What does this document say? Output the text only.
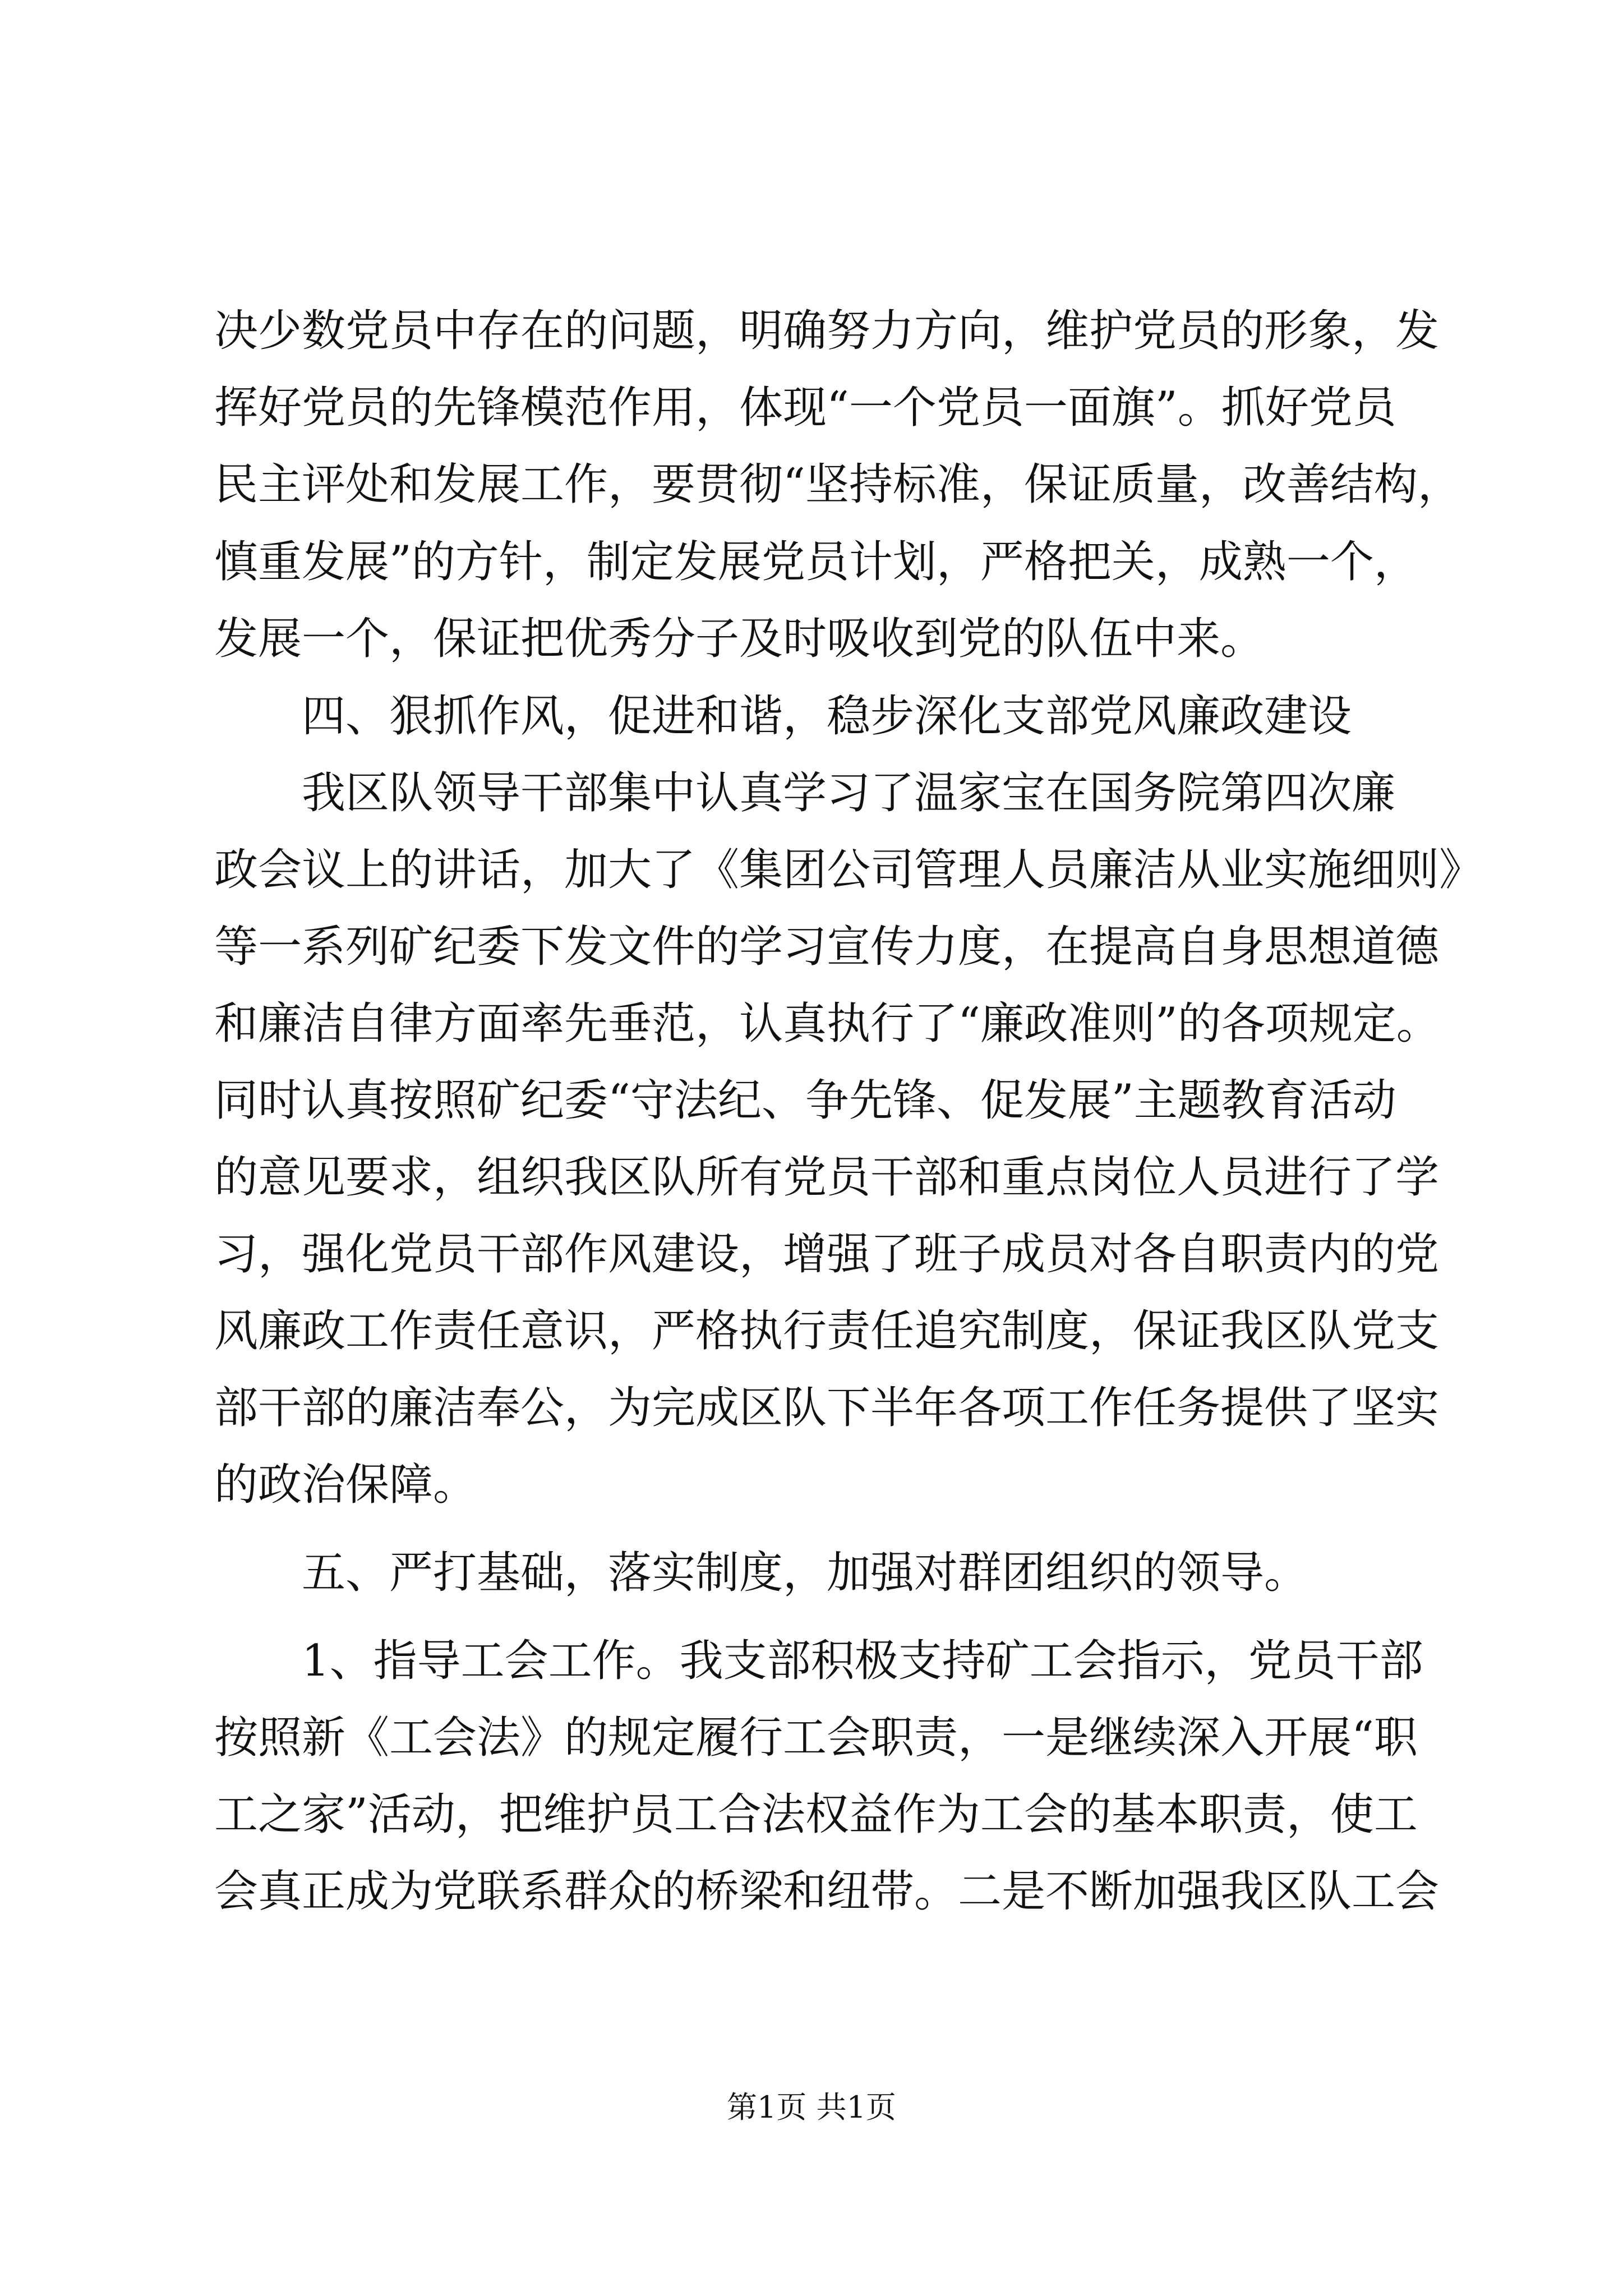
决少数党员中存在的问题，明确努力方向，维护党员的形象，发
挥好党员的先锋模范作用，体现“一个党员一面旗”。抓好党员
民主评处和发展工作，要贯彻“坚持标准，保证质量，改善结构，
慎重发展”的方针，制定发展党员计划，严格把关，成熟一个，
发展一个，保证把优秀分子及时吸收到党的队伍中来。
四、狠抓作风，促进和谐，稳步深化支部党风廉政建设
我区队领导干部集中认真学习了温家宝在国务院第四次廉
政会议上的讲话，加大了《集团公司管理人员廉洁从业实施细则》
等一系列矿纪委下发文件的学习宣传力度，在提高自身思想道德
和廉洁自律方面率先垂范，认真执行了“廉政准则”的各项规定。
同时认真按照矿纪委“守法纪、争先锋、促发展”主题教育活动
的意见要求，组织我区队所有党员干部和重点岗位人员进行了学
习，强化党员干部作风建设，增强了班子成员对各自职责内的党
风廉政工作责任意识，严格执行责任追究制度，保证我区队党支
部干部的廉洁奉公，为完成区队下半年各项工作任务提供了坚实
的政治保障。
五、严打基础，落实制度，加强对群团组织的领导。
1、指导工会工作。我支部积极支持矿工会指示，党员干部
按照新《工会法》的规定履行工会职责，一是继续深入开展“职
工之家”活动，把维护员工合法权益作为工会的基本职责，使工
会真正成为党联系群众的桥梁和纽带。二是不断加强我区队工会
第1页 共1页
